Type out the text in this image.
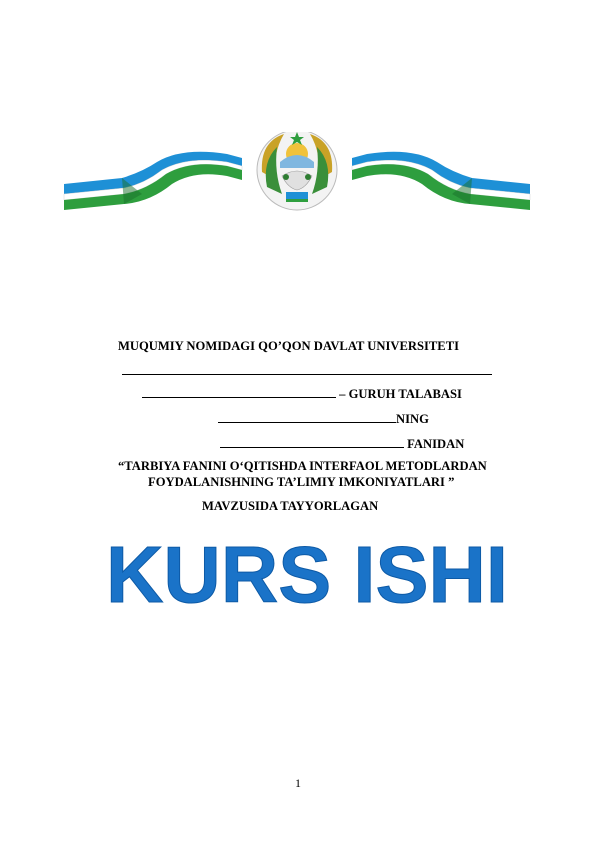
MUQUMIY NOMIDAGI QO’QON DAVLAT UNIVERSITETI
– GURUH TALABASI
NING
FANIDAN
“TARBIYA FANINI O‘QITISHDA INTERFAOL METODLARDAN
FOYDALANISHNING TA’LIMIY IMKONIYATLARI ”
MAVZUSIDA TAYYORLAGAN
KURS ISHI
1
